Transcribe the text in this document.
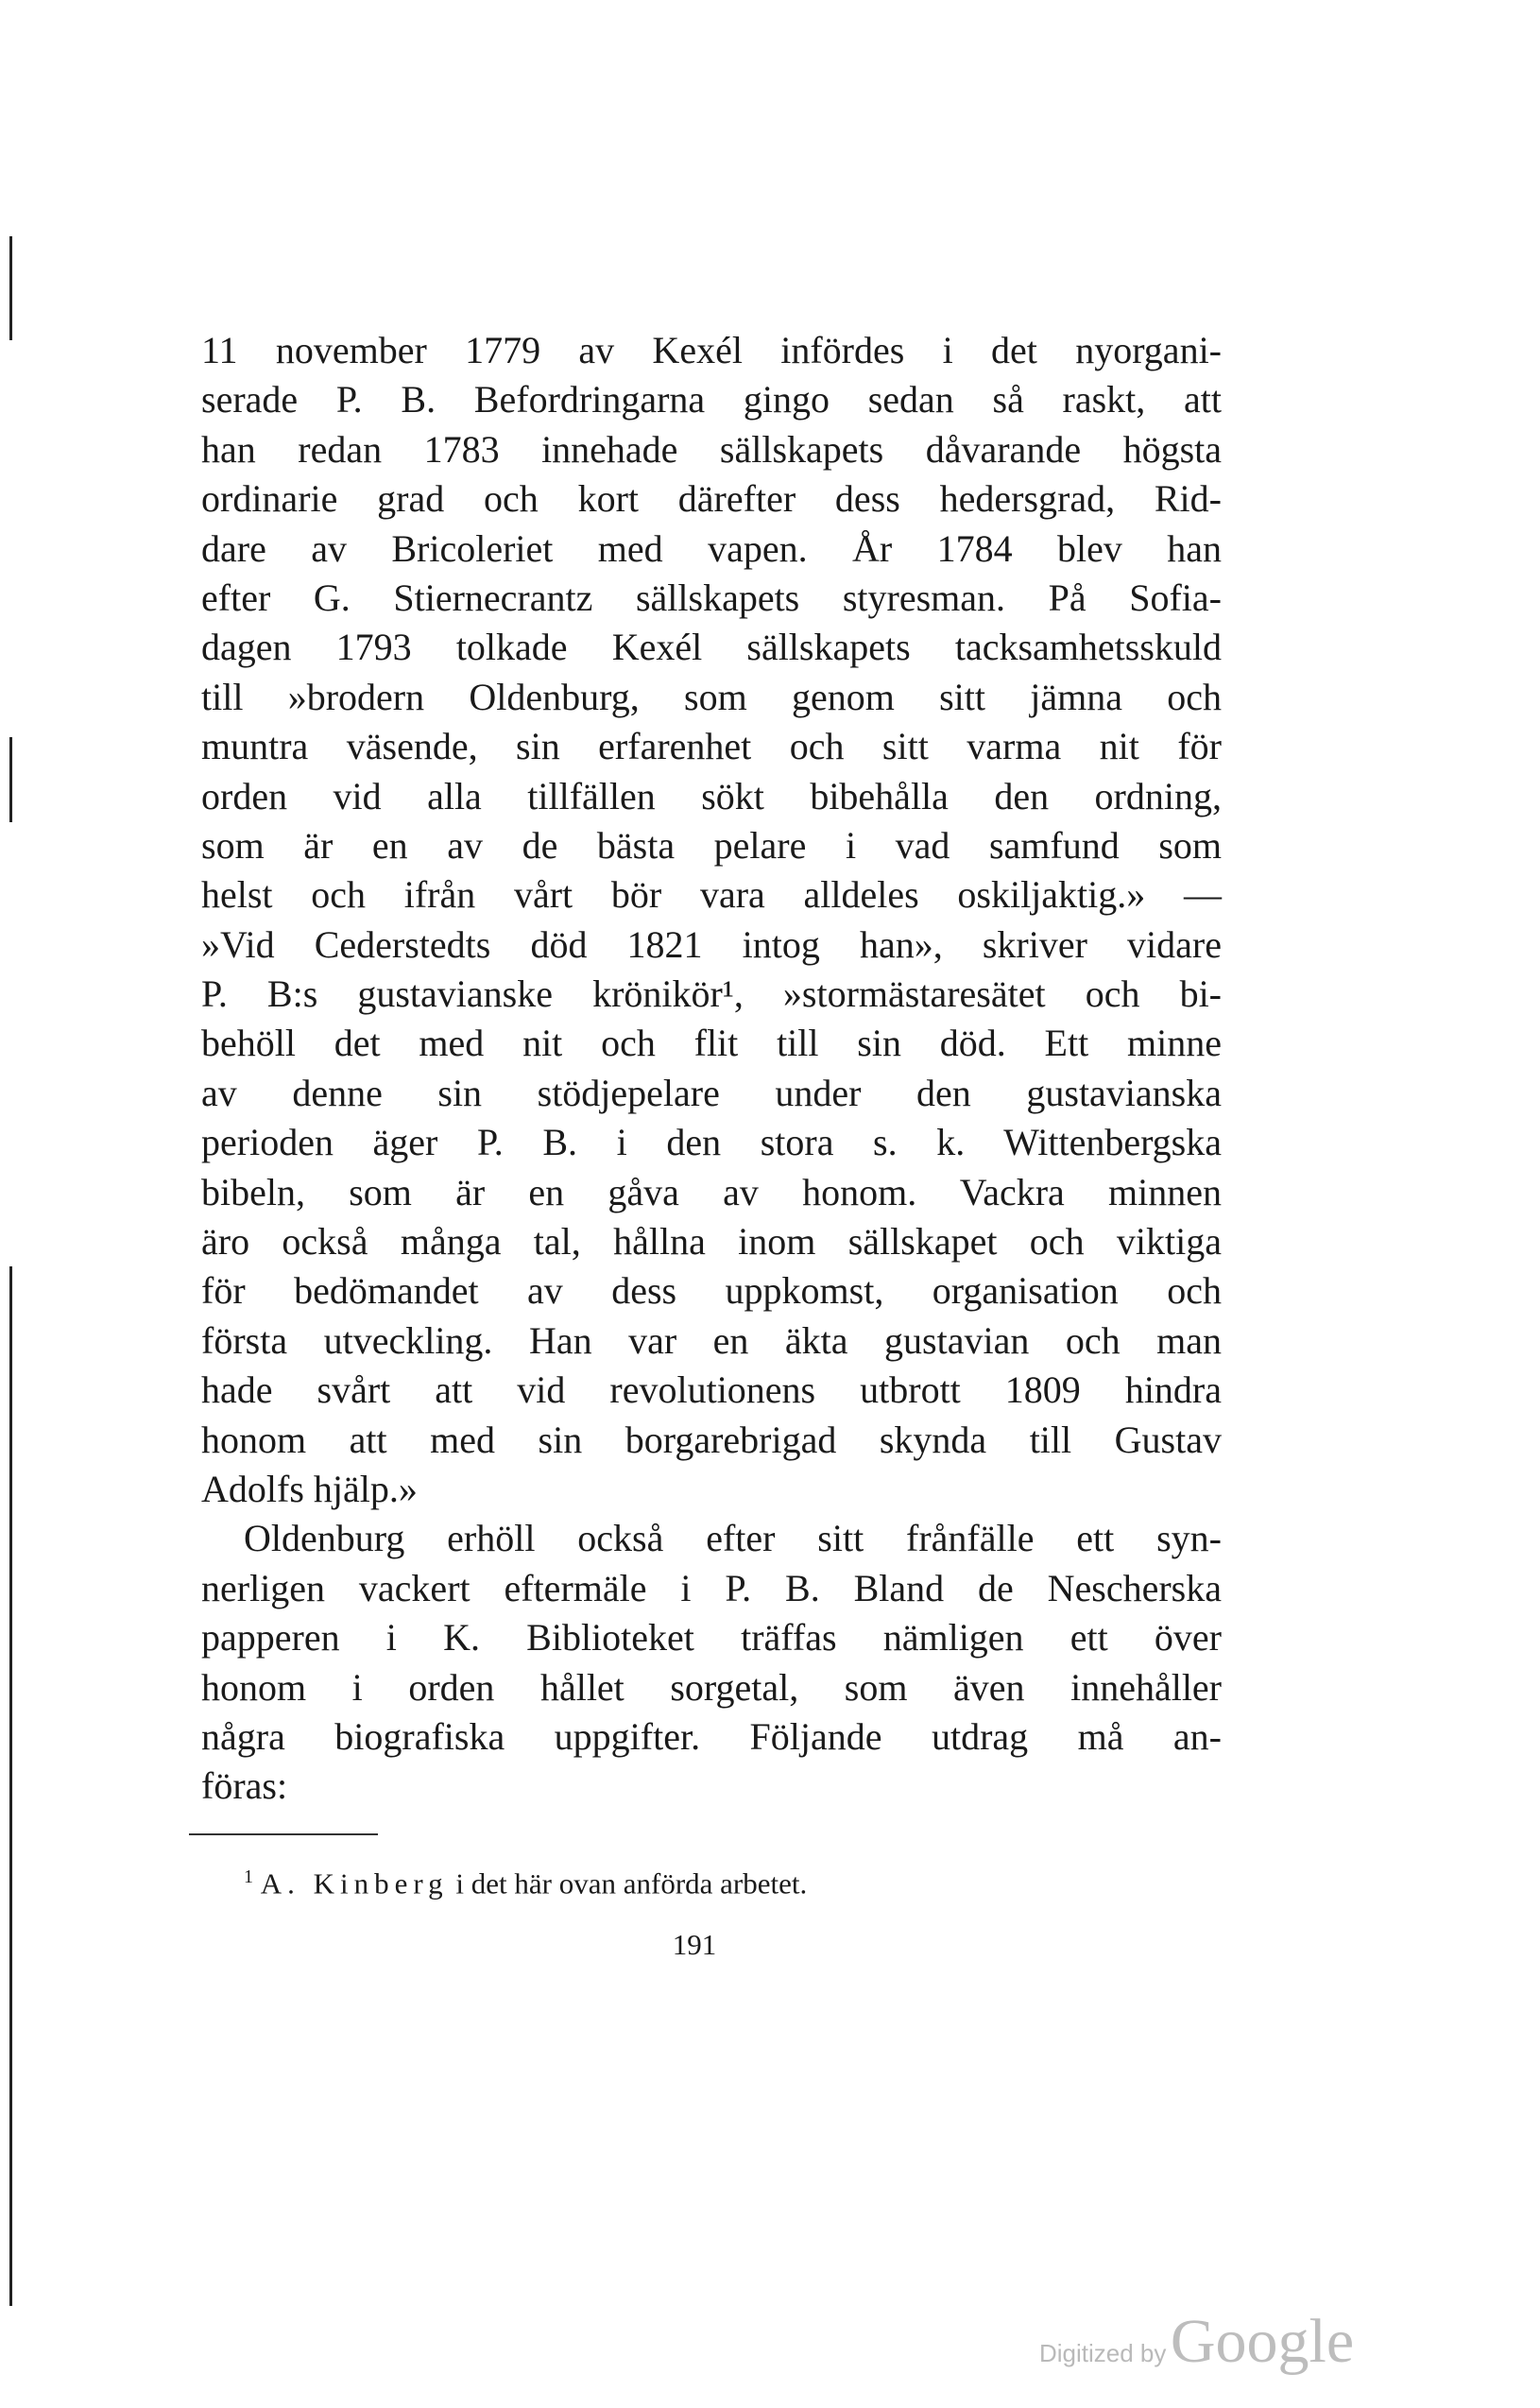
11 november 1779 av Kexél infördes i det nyorgani-
serade P. B. Befordringarna gingo sedan så raskt, att
han redan 1783 innehade sällskapets dåvarande högsta
ordinarie grad och kort därefter dess hedersgrad, Rid-
dare av Bricoleriet med vapen. År 1784 blev han
efter G. Stiernecrantz sällskapets styresman. På Sofia-
dagen 1793 tolkade Kexél sällskapets tacksamhetsskuld
till »brodern Oldenburg, som genom sitt jämna och
muntra väsende, sin erfarenhet och sitt varma nit för
orden vid alla tillfällen sökt bibehålla den ordning,
som är en av de bästa pelare i vad samfund som
helst och ifrån vårt bör vara alldeles oskiljaktig.» —
»Vid Cederstedts död 1821 intog han», skriver vidare
P. B:s gustavianske krönikör¹, »stormästaresätet och bi-
behöll det med nit och flit till sin död. Ett minne
av denne sin stödjepelare under den gustavianska
perioden äger P. B. i den stora s. k. Wittenbergska
bibeln, som är en gåva av honom. Vackra minnen
äro också många tal, hållna inom sällskapet och viktiga
för bedömandet av dess uppkomst, organisation och
första utveckling. Han var en äkta gustavian och man
hade svårt att vid revolutionens utbrott 1809 hindra
honom att med sin borgarebrigad skynda till Gustav
Adolfs hjälp.»
Oldenburg erhöll också efter sitt frånfälle ett syn-
nerligen vackert eftermäle i P. B. Bland de Nescherska
papperen i K. Biblioteket träffas nämligen ett över
honom i orden hållet sorgetal, som även innehåller
några biografiska uppgifter. Följande utdrag må an-
föras:
$^1$ A. Kinberg i det här ovan anförda arbetet.
191
Digitized by Google
